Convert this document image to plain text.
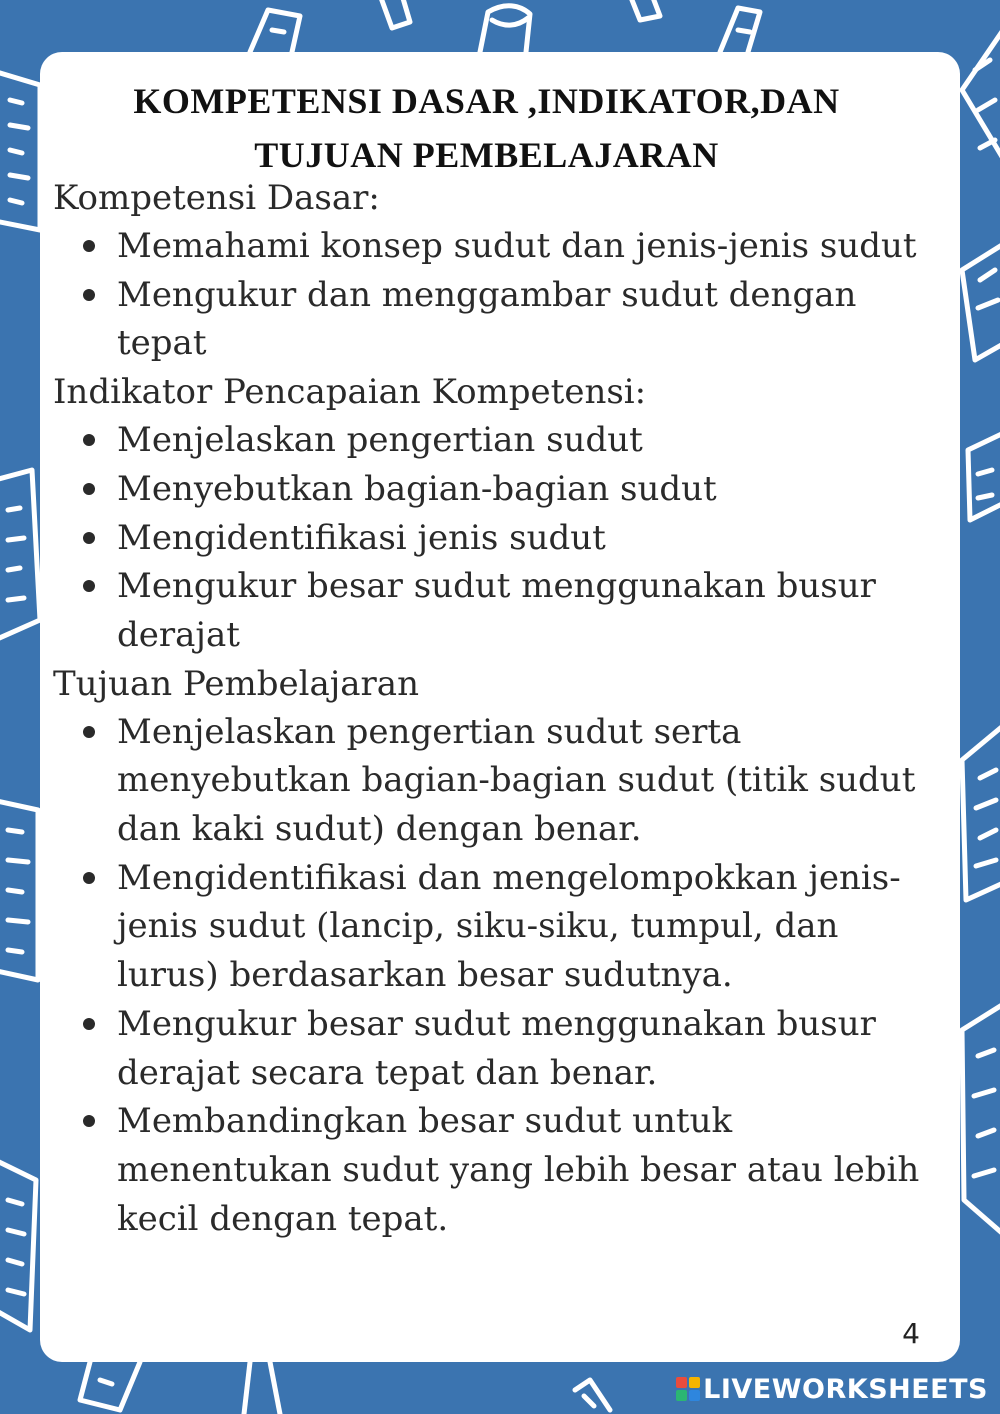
KOMPETENSI DASAR ,INDIKATOR,DAN
TUJUAN PEMBELAJARAN

Kompetensi Dasar:

Memahami konsep sudut dan jenis-jenis sudut
Mengukur dan menggambar sudut dengan tepat

Indikator Pencapaian Kompetensi:

Menjelaskan pengertian sudut
Menyebutkan bagian-bagian sudut
Mengidentifikasi jenis sudut
Mengukur besar sudut menggunakan busur derajat

Tujuan Pembelajaran

Menjelaskan pengertian sudut serta menyebutkan bagian-bagian sudut (titik sudut dan kaki sudut) dengan benar.
Mengidentifikasi dan mengelompokkan jenis-jenis sudut (lancip, siku-siku, tumpul, dan lurus) berdasarkan besar sudutnya.
Mengukur besar sudut menggunakan busur derajat secara tepat dan benar.
Membandingkan besar sudut untuk menentukan sudut yang lebih besar atau lebih kecil dengan tepat.
4
LIVEWORKSHEETS
